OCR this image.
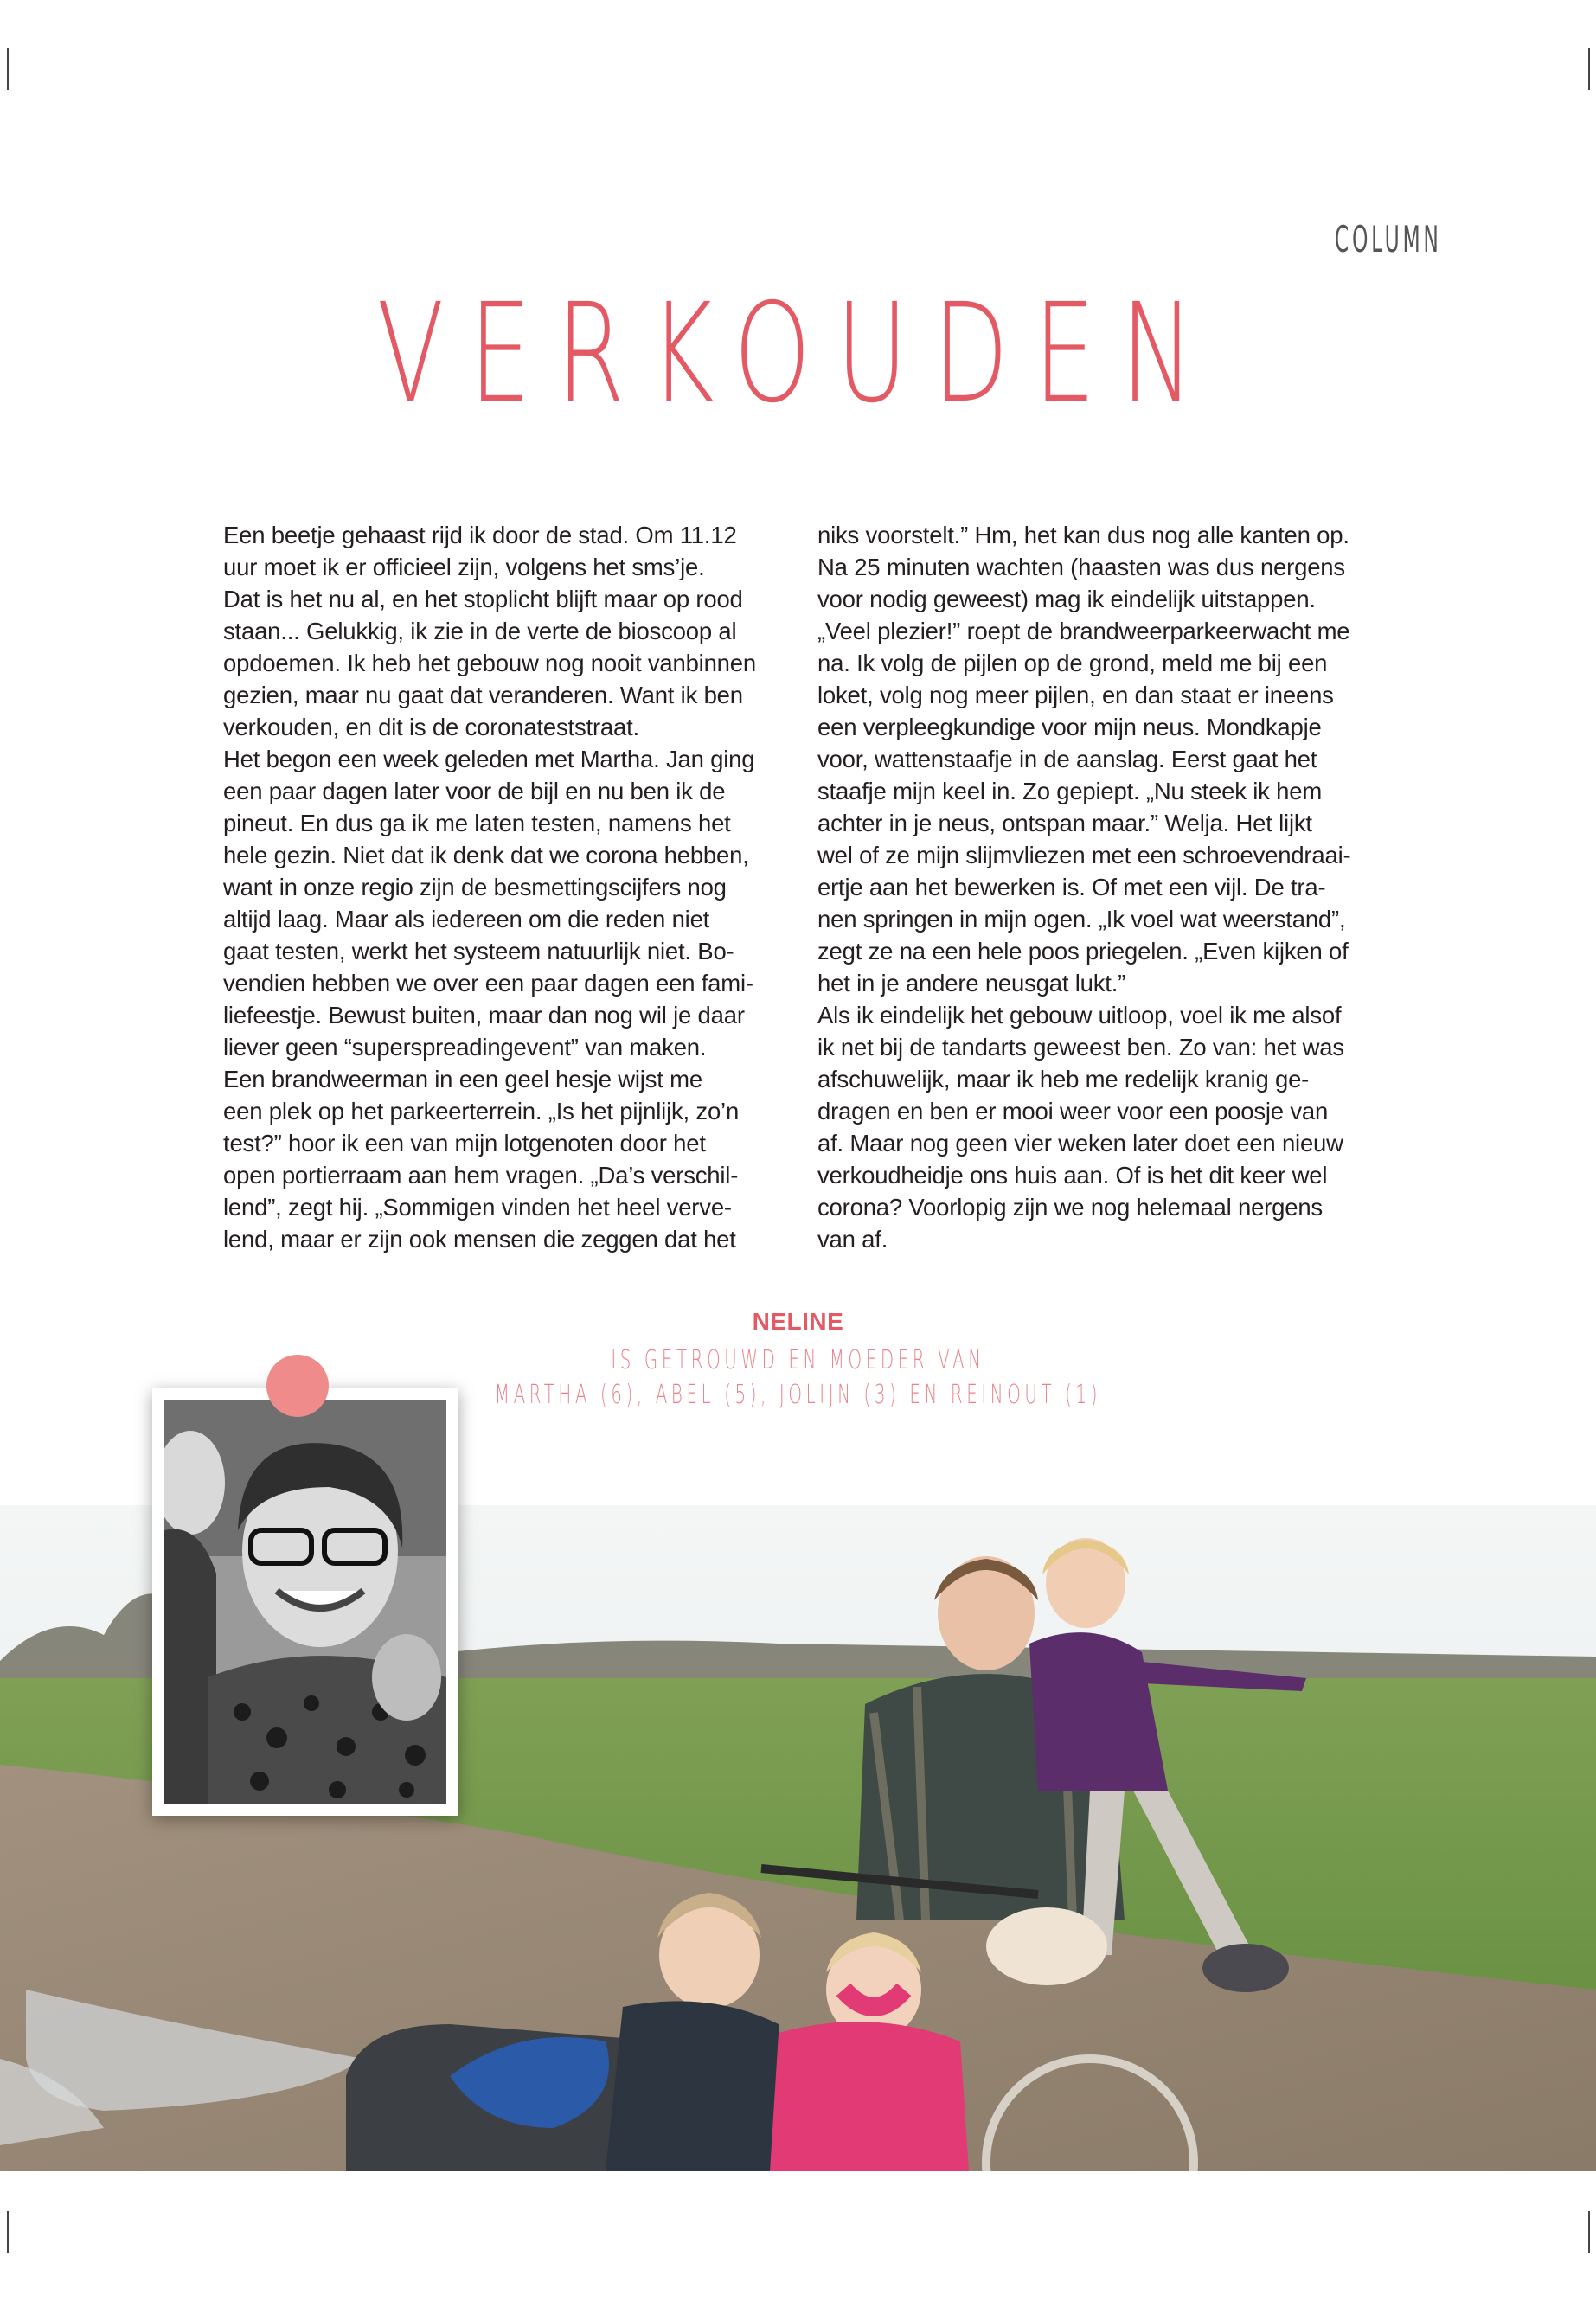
COLUMN
VERKOUDEN

Een beetje gehaast rijd ik door de stad. Om 11.12

uur moet ik er officieel zijn, volgens het sms’je.

Dat is het nu al, en het stoplicht blijft maar op rood

staan... Gelukkig, ik zie in de verte de bioscoop al

opdoemen. Ik heb het gebouw nog nooit vanbinnen

gezien, maar nu gaat dat veranderen. Want ik ben

verkouden, en dit is de coronateststraat.

Het begon een week geleden met Martha. Jan ging

een paar dagen later voor de bijl en nu ben ik de

pineut. En dus ga ik me laten testen, namens het

hele gezin. Niet dat ik denk dat we corona hebben,

want in onze regio zijn de besmettingscijfers nog

altijd laag. Maar als iedereen om die reden niet

gaat testen, werkt het systeem natuurlijk niet. Bo-

vendien hebben we over een paar dagen een fami-

liefeestje. Bewust buiten, maar dan nog wil je daar

liever geen “superspreadingevent” van maken.

Een brandweerman in een geel hesje wijst me

een plek op het parkeerterrein. „Is het pijnlijk, zo’n

test?” hoor ik een van mijn lotgenoten door het

open portierraam aan hem vragen. „Da’s verschil-

lend”, zegt hij. „Sommigen vinden het heel verve-

lend, maar er zijn ook mensen die zeggen dat het

niks voorstelt.” Hm, het kan dus nog alle kanten op.

Na 25 minuten wachten (haasten was dus nergens

voor nodig geweest) mag ik eindelijk uitstappen.

„Veel plezier!” roept de brandweerparkeerwacht me

na. Ik volg de pijlen op de grond, meld me bij een

loket, volg nog meer pijlen, en dan staat er ineens

een verpleegkundige voor mijn neus. Mondkapje

voor, wattenstaafje in de aanslag. Eerst gaat het

staafje mijn keel in. Zo gepiept. „Nu steek ik hem

achter in je neus, ontspan maar.” Welja. Het lijkt

wel of ze mijn slijmvliezen met een schroevendraai-

ertje aan het bewerken is. Of met een vijl. De tra-

nen springen in mijn ogen. „Ik voel wat weerstand”,

zegt ze na een hele poos priegelen. „Even kijken of

het in je andere neusgat lukt.”

Als ik eindelijk het gebouw uitloop, voel ik me alsof

ik net bij de tandarts geweest ben. Zo van: het was

afschuwelijk, maar ik heb me redelijk kranig ge-

dragen en ben er mooi weer voor een poosje van

af. Maar nog geen vier weken later doet een nieuw

verkoudheidje ons huis aan. Of is het dit keer wel

corona? Voorlopig zijn we nog helemaal nergens

van af.

NELINE
IS GETROUWD EN MOEDER VAN
MARTHA (6), ABEL (5), JOLIJN (3) EN REINOUT (1)
